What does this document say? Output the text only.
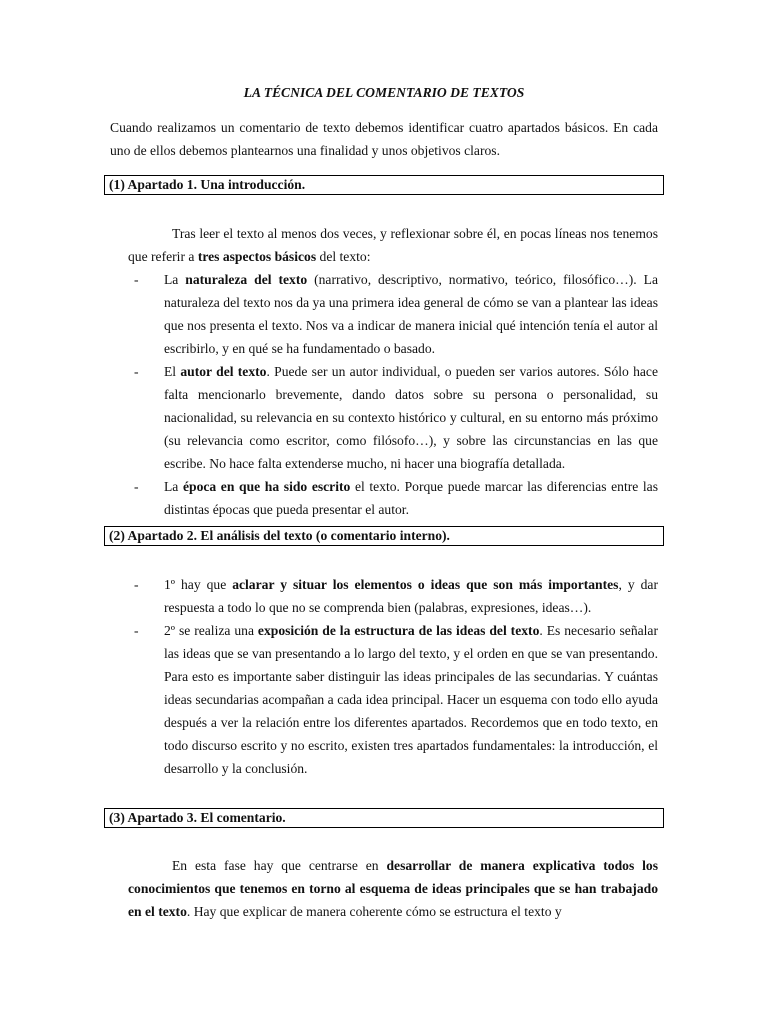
LA TÉCNICA DEL COMENTARIO DE TEXTOS
Cuando realizamos un comentario de texto debemos identificar cuatro apartados básicos. En cada uno de ellos debemos plantearnos una finalidad y unos objetivos claros.
(1) Apartado 1. Una introducción.
Tras leer el texto al menos dos veces, y reflexionar sobre él, en pocas líneas nos tenemos que referir a tres aspectos básicos del texto:
- La naturaleza del texto (narrativo, descriptivo, normativo, teórico, filosófico…). La naturaleza del texto nos da ya una primera idea general de cómo se van a plantear las ideas que nos presenta el texto. Nos va a indicar de manera inicial qué intención tenía el autor al escribirlo, y en qué se ha fundamentado o basado.
- El autor del texto. Puede ser un autor individual, o pueden ser varios autores. Sólo hace falta mencionarlo brevemente, dando datos sobre su persona o personalidad, su nacionalidad, su relevancia en su contexto histórico y cultural, en su entorno más próximo (su relevancia como escritor, como filósofo…), y sobre las circunstancias en las que escribe. No hace falta extenderse mucho, ni hacer una biografía detallada.
- La época en que ha sido escrito el texto. Porque puede marcar las diferencias entre las distintas épocas que pueda presentar el autor.
(2) Apartado 2. El análisis del texto (o comentario interno).
- 1º hay que aclarar y situar los elementos o ideas que son más importantes, y dar respuesta a todo lo que no se comprenda bien (palabras, expresiones, ideas…).
- 2º se realiza una exposición de la estructura de las ideas del texto. Es necesario señalar las ideas que se van presentando a lo largo del texto, y el orden en que se van presentando. Para esto es importante saber distinguir las ideas principales de las secundarias. Y cuántas ideas secundarias acompañan a cada idea principal. Hacer un esquema con todo ello ayuda después a ver la relación entre los diferentes apartados. Recordemos que en todo texto, en todo discurso escrito y no escrito, existen tres apartados fundamentales: la introducción, el desarrollo y la conclusión.
(3) Apartado 3. El comentario.
En esta fase hay que centrarse en desarrollar de manera explicativa todos los conocimientos que tenemos en torno al esquema de ideas principales que se han trabajado en el texto. Hay que explicar de manera coherente cómo se estructura el texto y
